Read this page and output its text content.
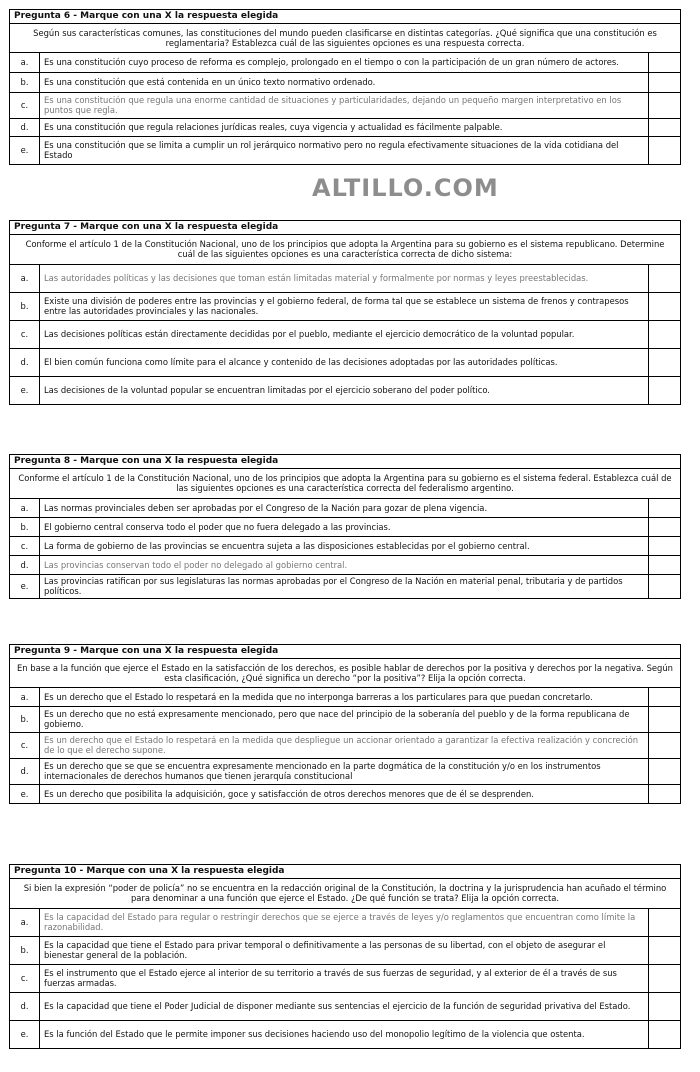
ALTILLO.COM
Pregunta 6 - Marque con una X la respuesta elegida		
Según sus características comunes, las constituciones del mundo pueden clasificarse en distintas categorías. ¿Qué significa que una constitución es reglamentaria? Establezca cuál de las siguientes opciones es una respuesta correcta.		
a.	Es una constitución cuyo proceso de reforma es complejo, prolongado en el tiempo o con la participación de un gran número de actores.	
b.	Es una constitución que está contenida en un único texto normativo ordenado.	
c.	Es una constitución que regula una enorme cantidad de situaciones y particularidades, dejando un pequeño margen interpretativo en los puntos que regla.	
d.	Es una constitución que regula relaciones jurídicas reales, cuya vigencia y actualidad es fácilmente palpable.	
e.	Es una constitución que se limita a cumplir un rol jerárquico normativo pero no regula efectivamente situaciones de la vida cotidiana del Estado	
Pregunta 7 - Marque con una X la respuesta elegida		
Conforme el artículo 1 de la Constitución Nacional, uno de los principios que adopta la Argentina para su gobierno es el sistema republicano. Determine cuál de las siguientes opciones es una característica correcta de dicho sistema:		
a.	Las autoridades políticas y las decisiones que toman están limitadas material y formalmente por normas y leyes preestablecidas.	
b.	Existe una división de poderes entre las provincias y el gobierno federal, de forma tal que se establece un sistema de frenos y contrapesos entre las autoridades provinciales y las nacionales.	
c.	Las decisiones políticas están directamente decididas por el pueblo, mediante el ejercicio democrático de la voluntad popular.	
d.	El bien común funciona como límite para el alcance y contenido de las decisiones adoptadas por las autoridades políticas.	
e.	Las decisiones de la voluntad popular se encuentran limitadas por el ejercicio soberano del poder político.	
Pregunta 8 - Marque con una X la respuesta elegida		
Conforme el artículo 1 de la Constitución Nacional, uno de los principios que adopta la Argentina para su gobierno es el sistema federal. Establezca cuál de las siguientes opciones es una característica correcta del federalismo argentino.		
a.	Las normas provinciales deben ser aprobadas por el Congreso de la Nación para gozar de plena vigencia.	
b.	El gobierno central conserva todo el poder que no fuera delegado a las provincias.	
c.	La forma de gobierno de las provincias se encuentra sujeta a las disposiciones establecidas por el gobierno central.	
d.	Las provincias conservan todo el poder no delegado al gobierno central.	
e.	Las provincias ratifican por sus legislaturas las normas aprobadas por el Congreso de la Nación en material penal, tributaria y de partidos políticos.	
Pregunta 9 - Marque con una X la respuesta elegida		
En base a la función que ejerce el Estado en la satisfacción de los derechos, es posible hablar de derechos por la positiva y derechos por la negativa. Según esta clasificación, ¿Qué significa un derecho “por la positiva”? Elija la opción correcta.		
a.	Es un derecho que el Estado lo respetará en la medida que no interponga barreras a los particulares para que puedan concretarlo.	
b.	Es un derecho que no está expresamente mencionado, pero que nace del principio de la soberanía del pueblo y de la forma republicana de gobierno.	
c.	Es un derecho que el Estado lo respetará en la medida que despliegue un accionar orientado a garantizar la efectiva realización y concreción de lo que el derecho supone.	
d.	Es un derecho que se que se encuentra expresamente mencionado en la parte dogmática de la constitución y/o en los instrumentos internacionales de derechos humanos que tienen jerarquía constitucional	
e.	Es un derecho que posibilita la adquisición, goce y satisfacción de otros derechos menores que de él se desprenden.	
Pregunta 10 - Marque con una X la respuesta elegida		
Si bien la expresión “poder de policía” no se encuentra en la redacción original de la Constitución, la doctrina y la jurisprudencia han acuñado el término para denominar a una función que ejerce el Estado. ¿De qué función se trata? Elija la opción correcta.		
a.	Es la capacidad del Estado para regular o restringir derechos que se ejerce a través de leyes y/o reglamentos que encuentran como límite la razonabilidad.	
b.	Es la capacidad que tiene el Estado para privar temporal o definitivamente a las personas de su libertad, con el objeto de asegurar el bienestar general de la población.	
c.	Es el instrumento que el Estado ejerce al interior de su territorio a través de sus fuerzas de seguridad, y al exterior de él a través de sus fuerzas armadas.	
d.	Es la capacidad que tiene el Poder Judicial de disponer mediante sus sentencias el ejercicio de la función de seguridad privativa del Estado.	
e.	Es la función del Estado que le permite imponer sus decisiones haciendo uso del monopolio legítimo de la violencia que ostenta.	
